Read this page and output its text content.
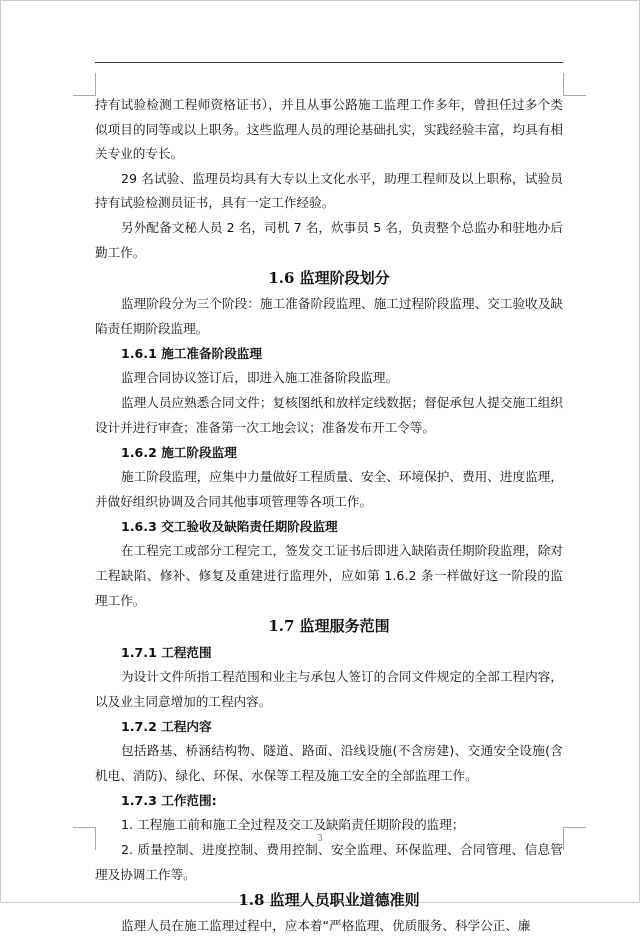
持有试验检测工程师资格证书），并且从事公路施工监理工作多年，曾担任过多个类似项目的同等或以上职务。这些监理人员的理论基础扎实，实践经验丰富，均具有相关专业的专长。

29 名试验、监理员均具有大专以上文化水平，助理工程师及以上职称，试验员持有试验检测员证书，具有一定工作经验。

另外配备文秘人员 2 名，司机 7 名，炊事员 5 名，负责整个总监办和驻地办后勤工作。

1.6 监理阶段划分

监理阶段分为三个阶段：施工准备阶段监理、施工过程阶段监理、交工验收及缺陷责任期阶段监理。

1.6.1 施工准备阶段监理

监理合同协议签订后，即进入施工准备阶段监理。

监理人员应熟悉合同文件；复核图纸和放样定线数据；督促承包人提交施工组织设计并进行审查；准备第一次工地会议；准备发布开工令等。

1.6.2 施工阶段监理

施工阶段监理，应集中力量做好工程质量、安全、环境保护、费用、进度监理，并做好组织协调及合同其他事项管理等各项工作。

1.6.3 交工验收及缺陷责任期阶段监理

在工程完工或部分工程完工，签发交工证书后即进入缺陷责任期阶段监理，除对工程缺陷、修补、修复及重建进行监理外，应如第 1.6.2 条一样做好这一阶段的监理工作。

1.7 监理服务范围
1.7.1 工程范围

为设计文件所指工程范围和业主与承包人签订的合同文件规定的全部工程内容，以及业主同意增加的工程内容。

1.7.2 工程内容

包括路基、桥涵结构物、隧道、路面、沿线设施(不含房建)、交通安全设施(含机电、消防)、绿化、环保、水保等工程及施工安全的全部监理工作。

1.7.3 工作范围:

1. 工程施工前和施工全过程及交工及缺陷责任期阶段的监理；

2. 质量控制、进度控制、费用控制、安全监理、环保监理、合同管理、信息管理及协调工作等。

1.8 监理人员职业道德准则

监理人员在施工监理过程中，应本着“严格监理、优质服务、科学公正、廉

3
